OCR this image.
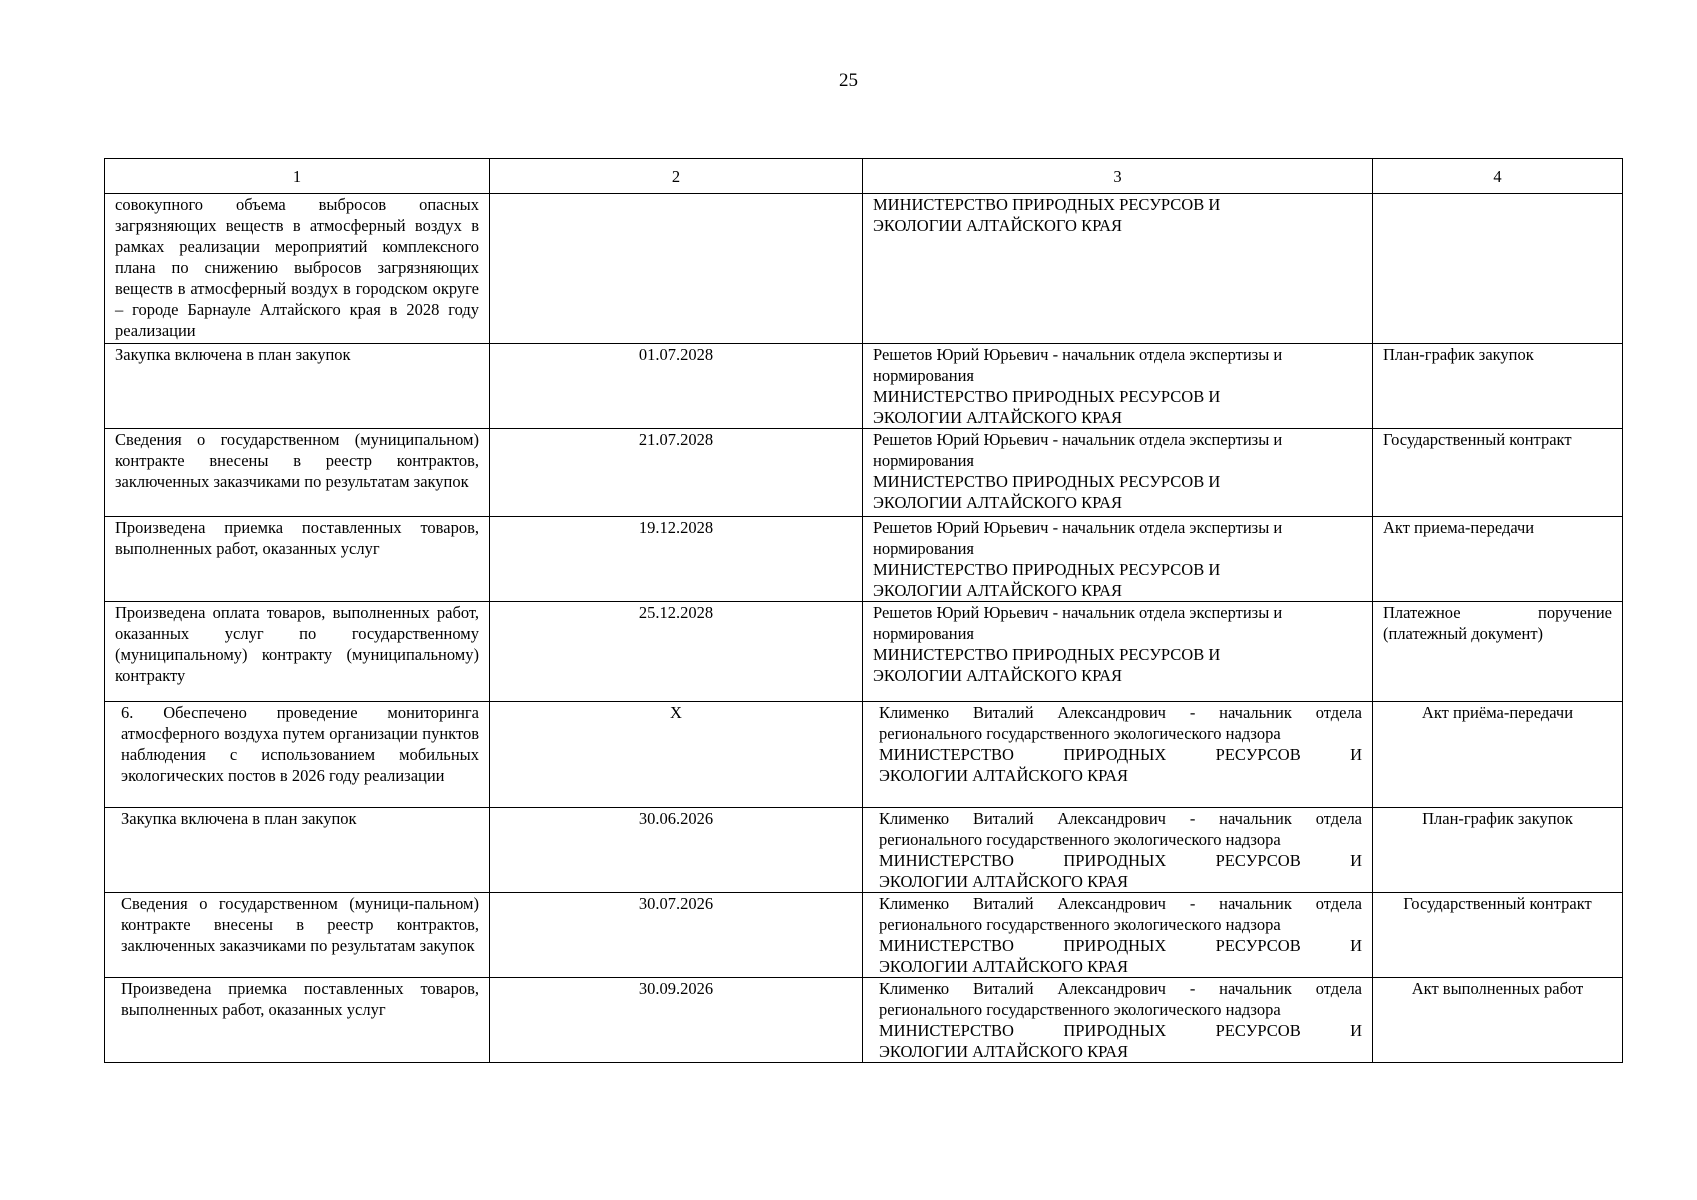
25
1	2	3	4
совокупного объема выбросов опасных загрязняющих веществ в атмосферный воздух в рамках реализации мероприятий комплексного плана по снижению выбросов загрязняющих веществ в атмосферный воздух в городском округе – городе Барнауле Алтайского края в 2028 году реализации		МИНИСТЕРСТВО ПРИРОДНЫХ РЕСУРСОВ И
ЭКОЛОГИИ АЛТАЙСКОГО КРАЯ	

Закупка включена в план закупок	01.07.2028	Решетов Юрий Юрьевич - начальник отдела экспертизы и нормирования
МИНИСТЕРСТВО ПРИРОДНЫХ РЕСУРСОВ И
ЭКОЛОГИИ АЛТАЙСКОГО КРАЯ	План-график закупок
Сведения о государственном (муниципальном) контракте внесены в реестр контрактов, заключенных заказчиками по результатам закупок	21.07.2028	Решетов Юрий Юрьевич - начальник отдела экспертизы и нормирования
МИНИСТЕРСТВО ПРИРОДНЫХ РЕСУРСОВ И
ЭКОЛОГИИ АЛТАЙСКОГО КРАЯ	Государственный контракт
Произведена приемка поставленных товаров, выполненных работ, оказанных услуг	19.12.2028	Решетов Юрий Юрьевич - начальник отдела экспертизы и нормирования
МИНИСТЕРСТВО ПРИРОДНЫХ РЕСУРСОВ И
ЭКОЛОГИИ АЛТАЙСКОГО КРАЯ	Акт приема-передачи
Произведена оплата товаров, выполненных работ, оказанных услуг по государственному (муниципальному) контракту (муниципальному) контракту	25.12.2028	Решетов Юрий Юрьевич - начальник отдела экспертизы и нормирования
МИНИСТЕРСТВО ПРИРОДНЫХ РЕСУРСОВ И
ЭКОЛОГИИ АЛТАЙСКОГО КРАЯ	Платежное поручение (платежный документ)
6. Обеспечено проведение мониторинга атмосферного воздуха путем организации пунктов наблюдения с использованием мобильных экологических постов в 2026 году реализации	X	Клименко Виталий Александрович - начальник отдела регионального государственного экологического надзора
МИНИСТЕРСТВО ПРИРОДНЫХ РЕСУРСОВ И
ЭКОЛОГИИ АЛТАЙСКОГО КРАЯ	Акт приёма-передачи
Закупка включена в план закупок	30.06.2026	Клименко Виталий Александрович - начальник отдела регионального государственного экологического надзора
МИНИСТЕРСТВО ПРИРОДНЫХ РЕСУРСОВ И
ЭКОЛОГИИ АЛТАЙСКОГО КРАЯ	План-график закупок
Сведения о государственном (муници-пальном) контракте внесены в реестр контрактов, заключенных заказчиками по результатам закупок	30.07.2026	Клименко Виталий Александрович - начальник отдела регионального государственного экологического надзора
МИНИСТЕРСТВО ПРИРОДНЫХ РЕСУРСОВ И
ЭКОЛОГИИ АЛТАЙСКОГО КРАЯ	Государственный контракт
Произведена приемка поставленных товаров, выполненных работ, оказанных услуг	30.09.2026	Клименко Виталий Александрович - начальник отдела регионального государственного экологического надзора
МИНИСТЕРСТВО ПРИРОДНЫХ РЕСУРСОВ И
ЭКОЛОГИИ АЛТАЙСКОГО КРАЯ	Акт выполненных работ
